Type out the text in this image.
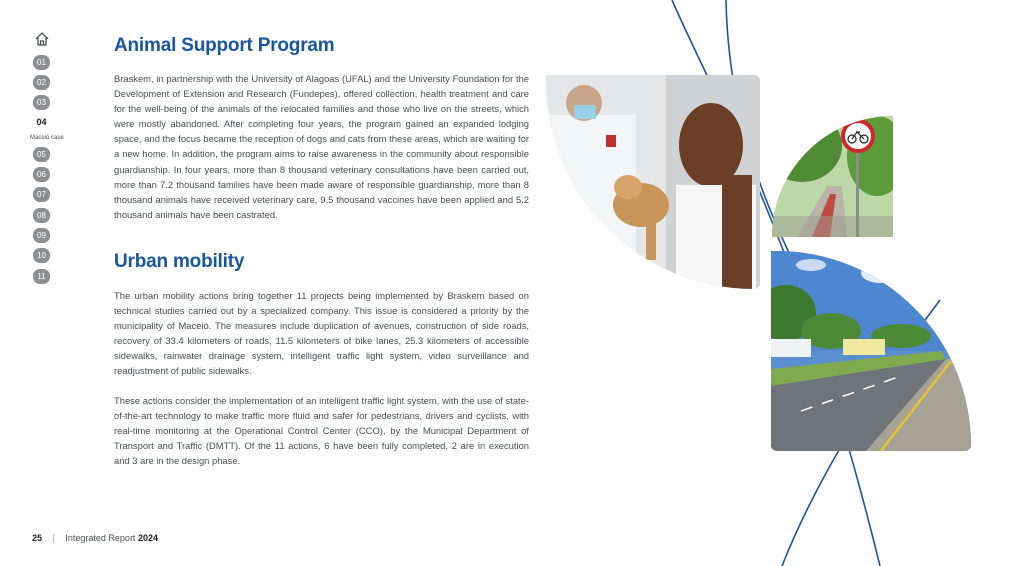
01
02
03
04
Maceió case
05
06
07
08
09
10
11
Animal Support Program

Braskem, in partnership with the University of Alagoas (UFAL) and the University Foundation for the Development of Extension and Research (Fundepes), offered collection, health treatment and care for the well-being of the animals of the relocated families and those who live on the streets, which were mostly abandoned. After completing four years, the program gained an expanded lodging space, and the focus became the reception of dogs and cats from these areas, which are waiting for a new home. In addition, the program aims to raise awareness in the community about responsible guardianship. In four years, more than 8 thousand veterinary consultations have been carried out, more than 7.2 thousand families have been made aware of responsible guardianship, more than 8 thousand animals have received veterinary care, 9.5 thousand vaccines have been applied and 5.2 thousand animals have been castrated.

Urban mobility

The urban mobility actions bring together 11 projects being implemented by Braskem based on technical studies carried out by a specialized company. This issue is considered a priority by the municipality of Maceió. The measures include duplication of avenues, construction of side roads, recovery of 33.4 kilometers of roads, 11.5 kilometers of bike lanes, 25.3 kilometers of accessible sidewalks, rainwater drainage system, intelligent traffic light system, video surveillance and readjustment of public sidewalks.

These actions consider the implementation of an intelligent traffic light system, with the use of state-of-the-art technology to make traffic more fluid and safer for pedestrians, drivers and cyclists, with real-time monitoring at the Operational Control Center (CCO), by the Municipal Department of Transport and Traffic (DMTT). Of the 11 actions, 6 have been fully completed, 2 are in execution and 3 are in the design phase.

25 | Integrated Report 2024
